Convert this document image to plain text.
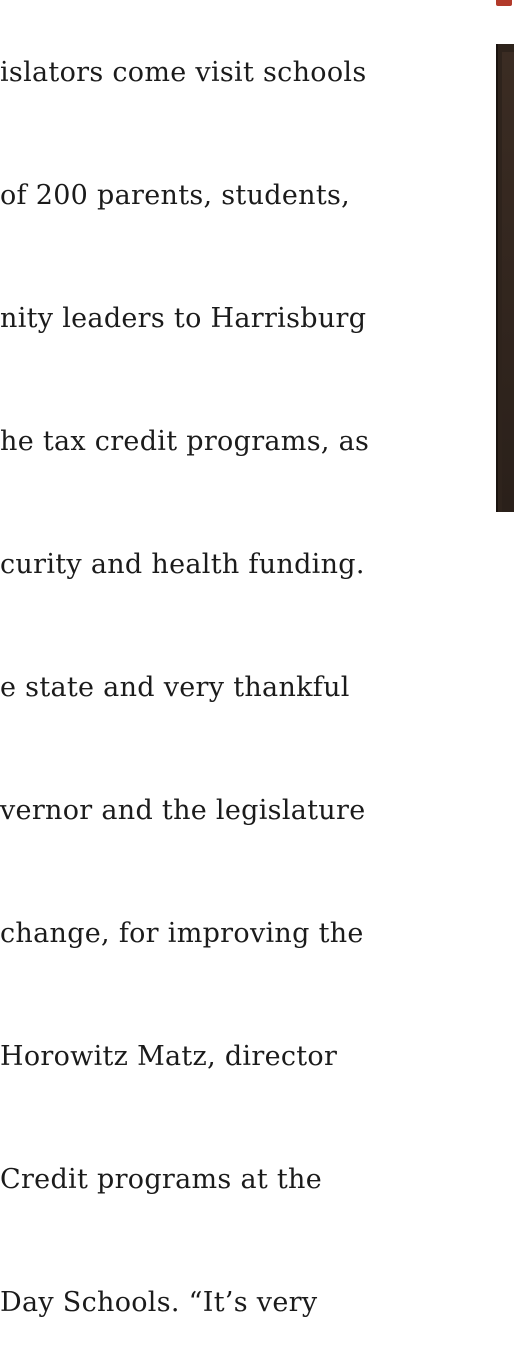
islators come visit schools

of 200 parents, students,

nity leaders to Harrisburg

he tax credit programs, as

curity and health funding.

e state and very thankful

vernor and the legislature

change, for improving the

Horowitz Matz, director

Credit programs at the

Day Schools. “It’s very
